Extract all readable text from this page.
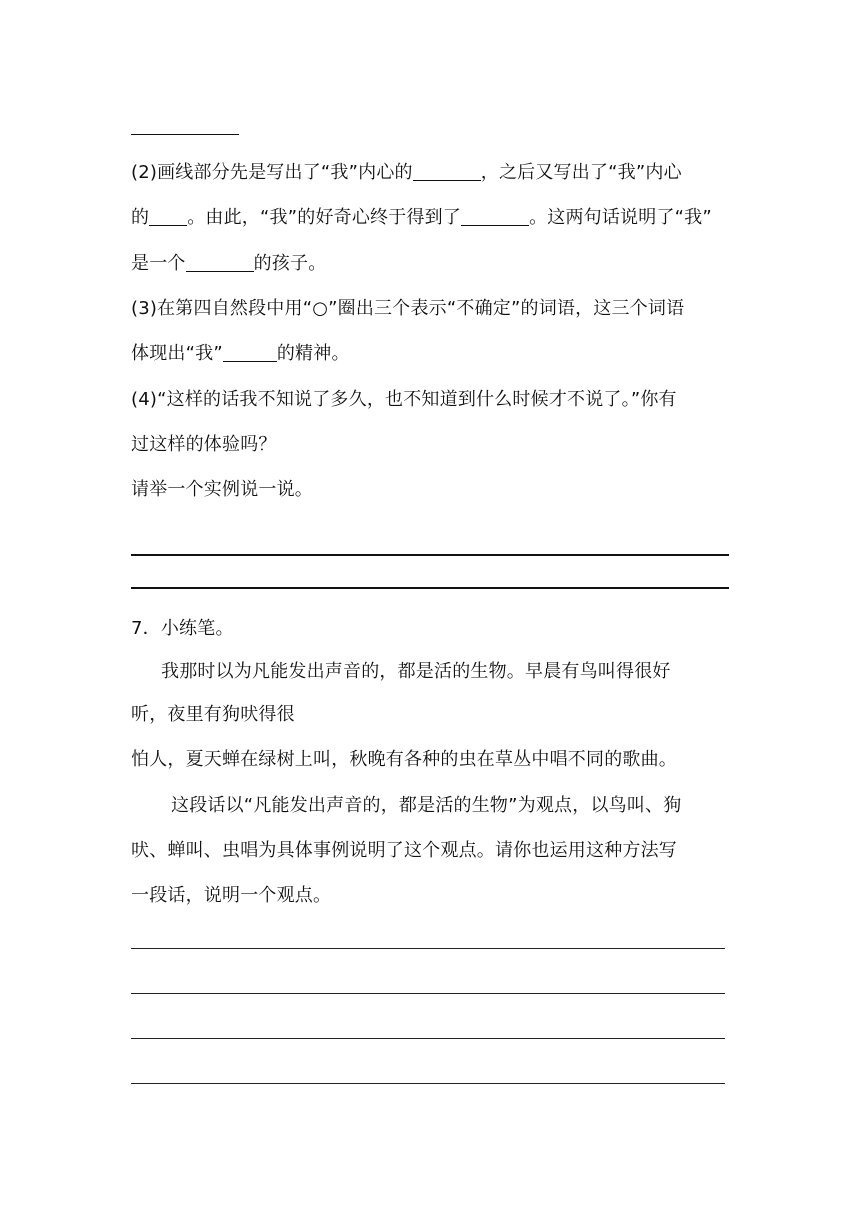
(2)画线部分先是写出了“我”内心的	，之后又写出了“我”内心
的 。由此，“我”的好奇心终于得到了	。这两句话说明了“我”
是一个	的孩子。
(3)在第四自然段中用“○”圈出三个表示“不确定”的词语，这三个词语
体现出“我”	的精神。
(4)“这样的话我不知说了多久，也不知道到什么时候才不说了。”你有
过这样的体验吗？
请举一个实例说一说。
7．小练笔。
我那时以为凡能发出声音的，都是活的生物。早晨有鸟叫得很好
听，夜里有狗吠得很
怕人，夏天蝉在绿树上叫，秋晚有各种的虫在草丛中唱不同的歌曲。
这段话以“凡能发出声音的，都是活的生物”为观点，以鸟叫、狗
吠、蝉叫、虫唱为具体事例说明了这个观点。请你也运用这种方法写
一段话，说明一个观点。
